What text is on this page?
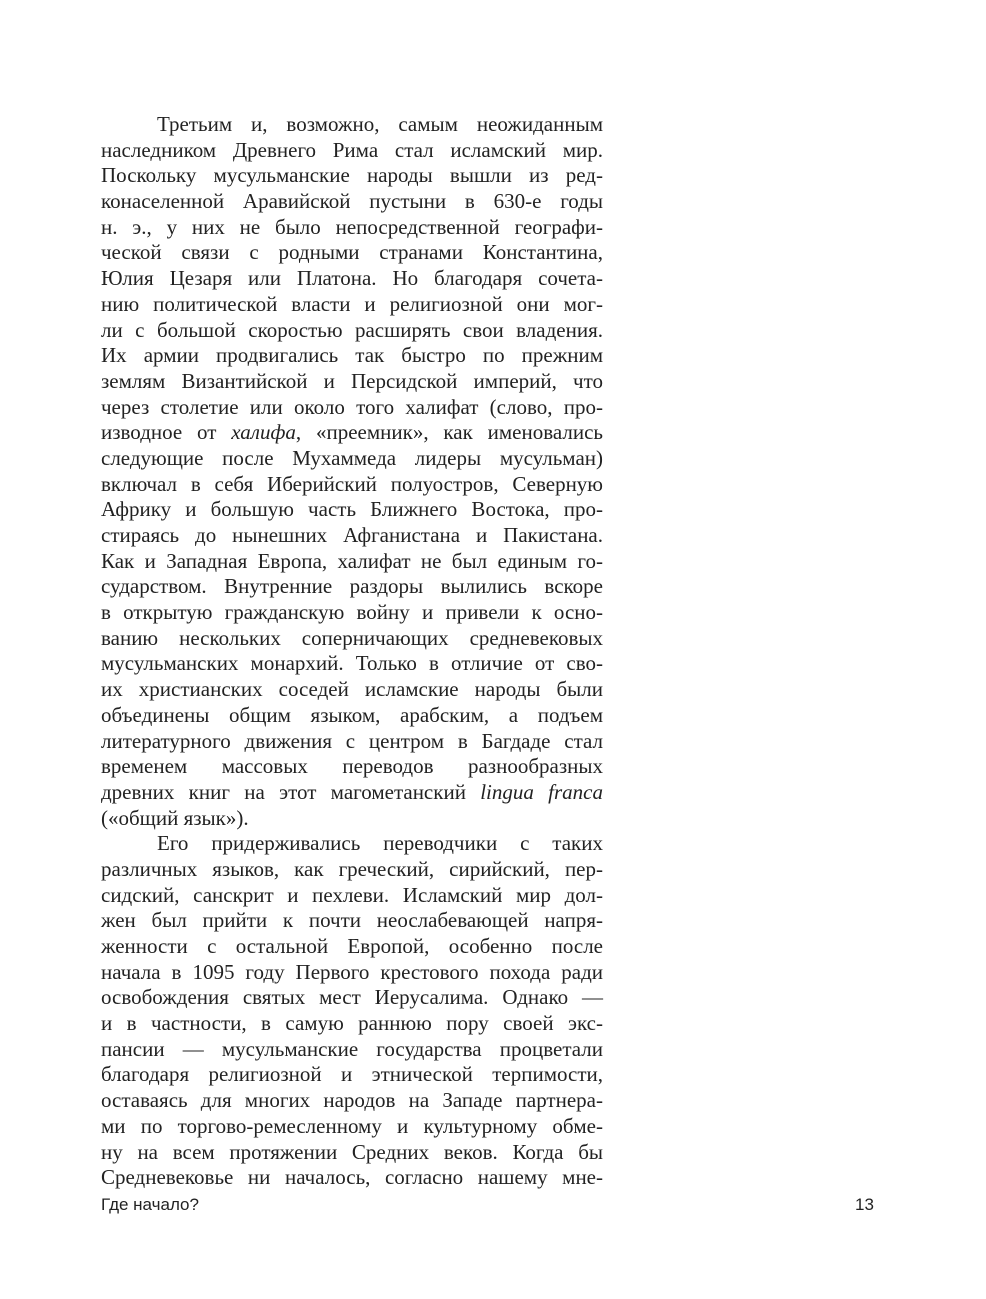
Третьим и, возможно, самым неожиданным
наследником Древнего Рима стал исламский мир.
Поскольку мусульманские народы вышли из ред-
конаселенной Аравийской пустыни в 630-е годы
н. э., у них не было непосредственной географи-
ческой связи с родными странами Константина,
Юлия Цезаря или Платона. Но благодаря сочета-
нию политической власти и религиозной они мог-
ли с большой скоростью расширять свои владения.
Их армии продвигались так быстро по прежним
землям Византийской и Персидской империй, что
через столетие или около того халифат (слово, про-
изводное от халифа, «преемник», как именовались
следующие после Мухаммеда лидеры мусульман)
включал в себя Иберийский полуостров, Северную
Африку и большую часть Ближнего Востока, про-
стираясь до нынешних Афганистана и Пакистана.
Как и Западная Европа, халифат не был единым го-
сударством. Внутренние раздоры вылились вскоре
в открытую гражданскую войну и привели к осно-
ванию нескольких соперничающих средневековых
мусульманских монархий. Только в отличие от сво-
их христианских соседей исламские народы были
объединены общим языком, арабским, а подъем
литературного движения с центром в Багдаде стал
временем массовых переводов разнообразных
древних книг на этот магометанский lingua franca
(«общий язык»).
Его придерживались переводчики с таких
различных языков, как греческий, сирийский, пер-
сидский, санскрит и пехлеви. Исламский мир дол-
жен был прийти к почти неослабевающей напря-
женности с остальной Европой, особенно после
начала в 1095 году Первого крестового похода ради
освобождения святых мест Иерусалима. Однако —
и в частности, в самую раннюю пору своей экс-
пансии — мусульманские государства процветали
благодаря религиозной и этнической терпимости,
оставаясь для многих народов на Западе партнера-
ми по торгово-ремесленному и культурному обме-
ну на всем протяжении Средних веков. Когда бы
Средневековье ни началось, согласно нашему мне-
Где начало?	13
